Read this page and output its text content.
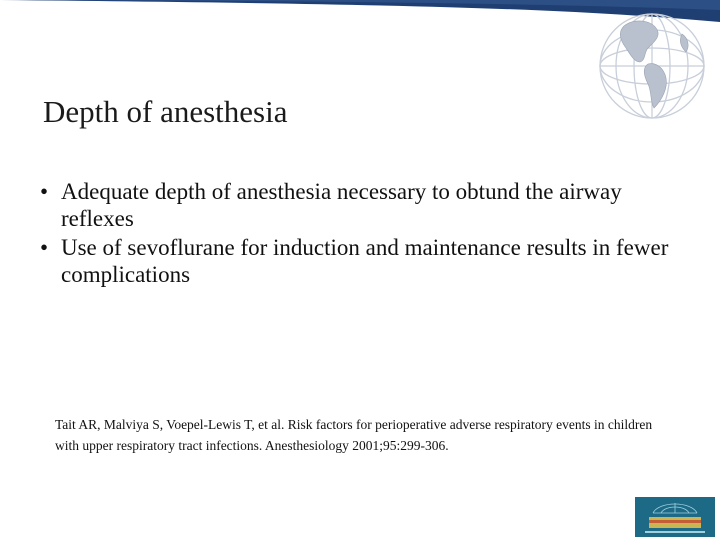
Depth of anesthesia
• Adequate depth of anesthesia necessary to obtund the airway reflexes
• Use of sevoflurane for induction and maintenance results in fewer complications
Tait AR, Malviya S, Voepel-Lewis T, et al. Risk factors for perioperative adverse respiratory events in children with upper respiratory tract infections. Anesthesiology 2001;95:299-306.
